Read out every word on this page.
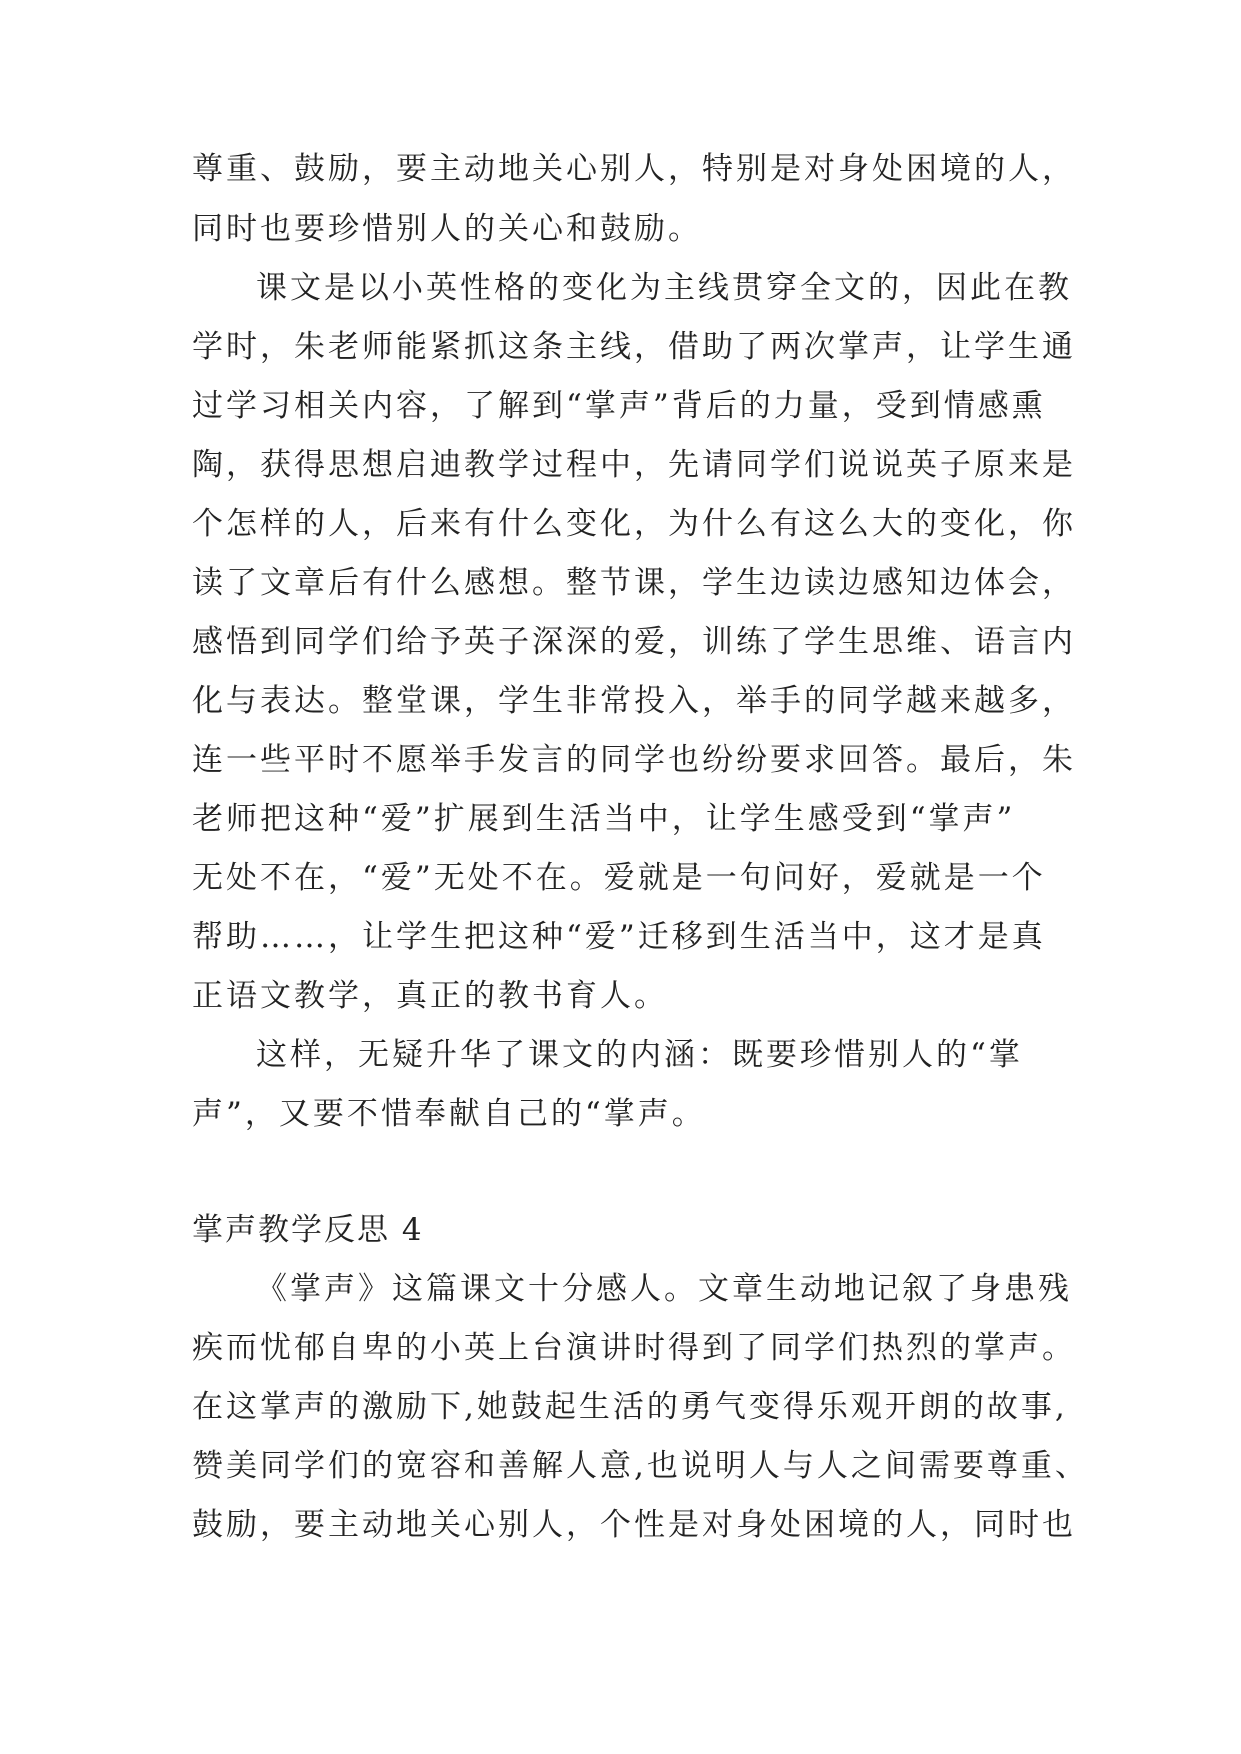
尊重、鼓励，要主动地关心别人，特别是对身处困境的人，
同时也要珍惜别人的关心和鼓励。
课文是以小英性格的变化为主线贯穿全文的，因此在教
学时，朱老师能紧抓这条主线，借助了两次掌声，让学生通
过学习相关内容，了解到“掌声”背后的力量，受到情感熏
陶，获得思想启迪教学过程中，先请同学们说说英子原来是
个怎样的人，后来有什么变化，为什么有这么大的变化，你
读了文章后有什么感想。整节课，学生边读边感知边体会，
感悟到同学们给予英子深深的爱，训练了学生思维、语言内
化与表达。整堂课，学生非常投入，举手的同学越来越多，
连一些平时不愿举手发言的同学也纷纷要求回答。最后，朱
老师把这种“爱”扩展到生活当中，让学生感受到“掌声”
无处不在，“爱”无处不在。爱就是一句问好，爱就是一个
帮助……，让学生把这种“爱”迁移到生活当中，这才是真
正语文教学，真正的教书育人。
这样，无疑升华了课文的内涵：既要珍惜别人的“掌
声”，又要不惜奉献自己的“掌声。
掌声教学反思 4
《掌声》这篇课文十分感人。文章生动地记叙了身患残
疾而忧郁自卑的小英上台演讲时得到了同学们热烈的掌声。
在这掌声的激励下,她鼓起生活的勇气变得乐观开朗的故事,
赞美同学们的宽容和善解人意,也说明人与人之间需要尊重、
鼓励，要主动地关心别人，个性是对身处困境的人，同时也
